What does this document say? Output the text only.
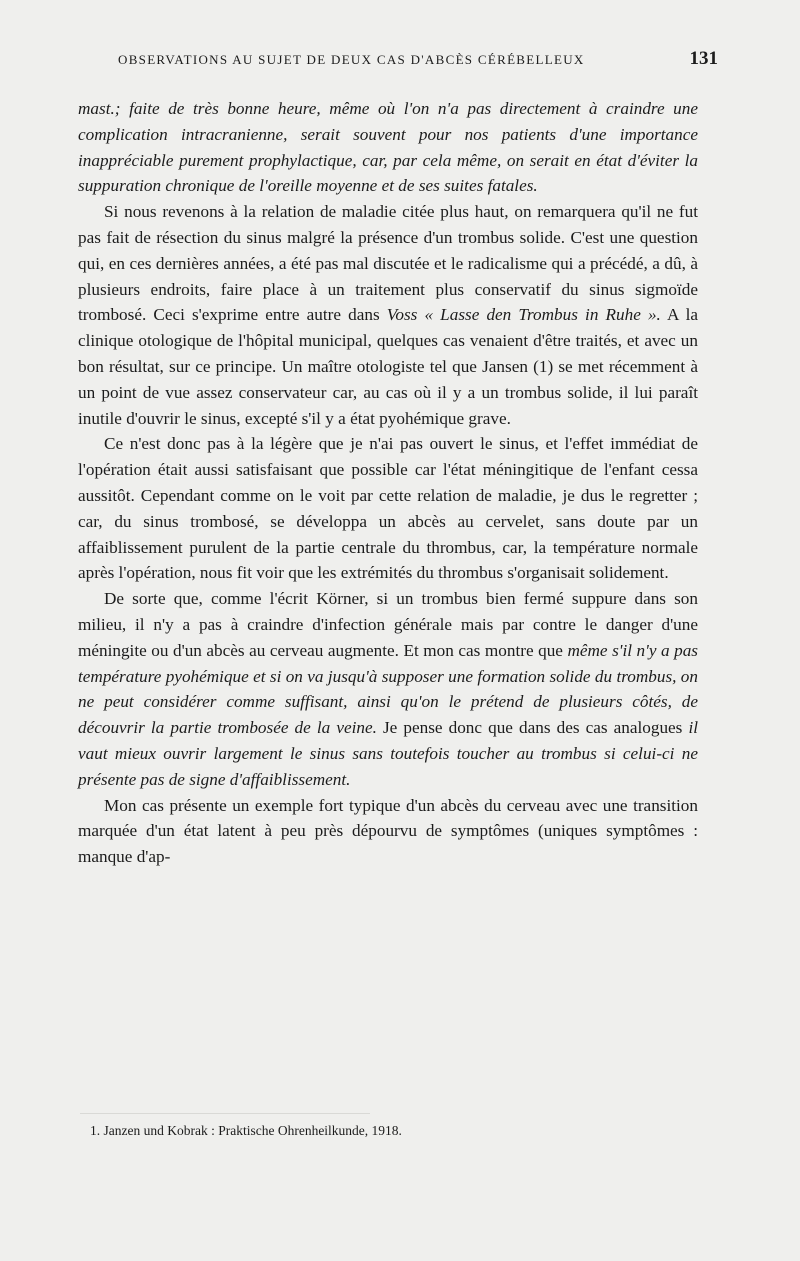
OBSERVATIONS AU SUJET DE DEUX CAS D'ABCÈS CÉRÉBELLEUX	131

mast.; faite de très bonne heure, même où l'on n'a pas directement à craindre une complication intracranienne, serait souvent pour nos patients d'une importance inappréciable purement prophylactique, car, par cela même, on serait en état d'éviter la suppuration chronique de l'oreille moyenne et de ses suites fatales.

Si nous revenons à la relation de maladie citée plus haut, on remarquera qu'il ne fut pas fait de résection du sinus malgré la présence d'un trombus solide. C'est une question qui, en ces dernières années, a été pas mal discutée et le radicalisme qui a précédé, a dû, à plusieurs endroits, faire place à un traitement plus conservatif du sinus sigmoïde trombosé. Ceci s'exprime entre autre dans Voss « Lasse den Trombus in Ruhe ». A la clinique otologique de l'hôpital municipal, quelques cas venaient d'être traités, et avec un bon résultat, sur ce principe. Un maître otologiste tel que Jansen (1) se met récemment à un point de vue assez conservateur car, au cas où il y a un trombus solide, il lui paraît inutile d'ouvrir le sinus, excepté s'il y a état pyohémique grave.

Ce n'est donc pas à la légère que je n'ai pas ouvert le sinus, et l'effet immédiat de l'opération était aussi satisfaisant que possible car l'état méningitique de l'enfant cessa aussitôt. Cependant comme on le voit par cette relation de maladie, je dus le regretter ; car, du sinus trombosé, se développa un abcès au cervelet, sans doute par un affaiblissement purulent de la partie centrale du thrombus, car, la température normale après l'opération, nous fit voir que les extrémités du thrombus s'organisait solidement.

De sorte que, comme l'écrit Körner, si un trombus bien fermé suppure dans son milieu, il n'y a pas à craindre d'infection générale mais par contre le danger d'une méningite ou d'un abcès au cerveau augmente. Et mon cas montre que même s'il n'y a pas température pyohémique et si on va jusqu'à supposer une formation solide du trombus, on ne peut considérer comme suffisant, ainsi qu'on le prétend de plusieurs côtés, de découvrir la partie trombosée de la veine. Je pense donc que dans des cas analogues il vaut mieux ouvrir largement le sinus sans toutefois toucher au trombus si celui-ci ne présente pas de signe d'affaiblissement.

Mon cas présente un exemple fort typique d'un abcès du cerveau avec une transition marquée d'un état latent à peu près dépourvu de symptômes (uniques symptômes : manque d'ap-

1. Janzen und Kobrak : Praktische Ohrenheilkunde, 1918.
